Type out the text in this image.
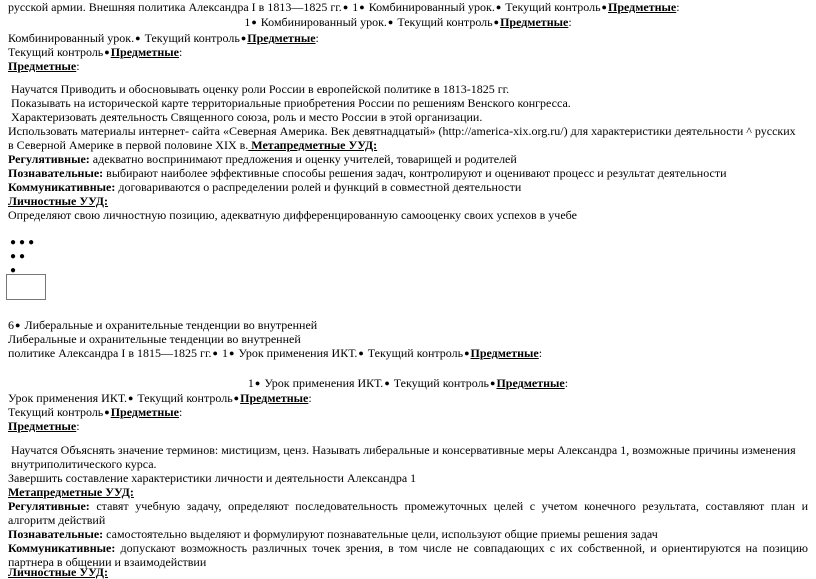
русской армии. Внешняя политика Александра I в 1813—1825 гг.● 1● Комбинированный урок.● Текущий контроль●Предметные:
1● Комбинированный урок.● Текущий контроль●Предметные:
Комбинированный урок.● Текущий контроль●Предметные:
Текущий контроль●Предметные:
Предметные:
Научатся Приводить и обосновывать оценку роли России в европейской политике в 1813-1825 гг.
Показывать на исторической карте территориальные приобретения России по решениям Венского конгресса.
Характеризовать деятельность Священного союза, роль и место России в этой организации.
Использовать материалы интернет- сайта «Северная Америка. Век девятнадцатый» (http://america-xix.org.ru/) для характеристики деятельности ^ русских
в Северной Америке в первой половине XIX в. Метапредметные УУД:
Регулятивные: адекватно воспринимают предложения и оценку учителей, товарищей и родителей
Познавательные: выбирают наиболее эффективные способы решения задач, контролируют и оценивают процесс и результат деятельности
Коммуникативные: договариваются о распределении ролей и функций в совместной деятельности
Личностные УУД:
Определяют свою личностную позицию, адекватную дифференцированную самооценку своих успехов в учебе
●●●
●●
●
6● Либеральные и охранительные тенденции во внутренней
Либеральные и охранительные тенденции во внутренней
политике Александра I в 1815—1825 гг.● 1● Урок применения ИКТ.● Текущий контроль●Предметные:
1● Урок применения ИКТ.● Текущий контроль●Предметные:
Урок применения ИКТ.● Текущий контроль●Предметные:
Текущий контроль●Предметные:
Предметные:
Научатся Объяснять значение терминов: мистицизм, ценз. Называть либеральные и консервативные меры Александра 1, возможные причины изменения
внутриполитического курса.
Завершить составление характеристики личности и деятельности Александра 1
Метапредметные УУД:
Регулятивные: ставят учебную задачу, определяют последовательность промежуточных целей с учетом конечного результата, составляют план и алгоритм действий
Познавательные: самостоятельно выделяют и формулируют познавательные цели, используют общие приемы решения задач
Коммуникативные: допускают возможность различных точек зрения, в том числе не совпадающих с их собственной, и ориентируются на позицию партнера в общении и взаимодействии
Личностные УУД:
